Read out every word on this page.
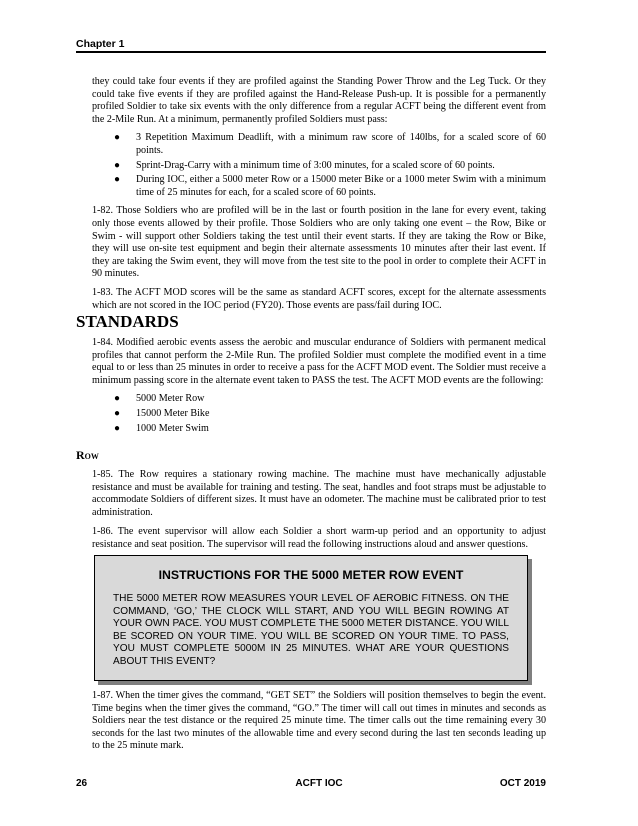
Chapter 1

they could take four events if they are profiled against the Standing Power Throw and the Leg Tuck. Or they could take five events if they are profiled against the Hand-Release Push-up. It is possible for a permanently profiled Soldier to take six events with the only difference from a regular ACFT being the different event from the 2-Mile Run. At a minimum, permanently profiled Soldiers must pass:

● 3 Repetition Maximum Deadlift, with a minimum raw score of 140lbs, for a scaled score of 60 points.
● Sprint-Drag-Carry with a minimum time of 3:00 minutes, for a scaled score of 60 points.
● During IOC, either a 5000 meter Row or a 15000 meter Bike or a 1000 meter Swim with a minimum time of 25 minutes for each, for a scaled score of 60 points.

1-82. Those Soldiers who are profiled will be in the last or fourth position in the lane for every event, taking only those events allowed by their profile. Those Soldiers who are only taking one event – the Row, Bike or Swim - will support other Soldiers taking the test until their event starts. If they are taking the Row or Bike, they will use on-site test equipment and begin their alternate assessments 10 minutes after their last event. If they are taking the Swim event, they will move from the test site to the pool in order to complete their ACFT in 90 minutes.

1-83. The ACFT MOD scores will be the same as standard ACFT scores, except for the alternate assessments which are not scored in the IOC period (FY20). Those events are pass/fail during IOC.

STANDARDS

1-84. Modified aerobic events assess the aerobic and muscular endurance of Soldiers with permanent medical profiles that cannot perform the 2-Mile Run. The profiled Soldier must complete the modified event in a time equal to or less than 25 minutes in order to receive a pass for the ACFT MOD event. The Soldier must receive a minimum passing score in the alternate event taken to PASS the test. The ACFT MOD events are the following:

● 5000 Meter Row
● 15000 Meter Bike
● 1000 Meter Swim
Row

1-85. The Row requires a stationary rowing machine. The machine must have mechanically adjustable resistance and must be available for training and testing. The seat, handles and foot straps must be adjustable to accommodate Soldiers of different sizes. It must have an odometer. The machine must be calibrated prior to test administration.

1-86. The event supervisor will allow each Soldier a short warm-up period and an opportunity to adjust resistance and seat position. The supervisor will read the following instructions aloud and answer questions.

INSTRUCTIONS FOR THE 5000 METER ROW EVENT
THE 5000 METER ROW MEASURES YOUR LEVEL OF AEROBIC FITNESS. ON THE COMMAND, ‘GO,’ THE CLOCK WILL START, AND YOU WILL BEGIN ROWING AT YOUR OWN PACE. YOU MUST COMPLETE THE 5000 METER DISTANCE. YOU WILL BE SCORED ON YOUR TIME. YOU WILL BE SCORED ON YOUR TIME. TO PASS, YOU MUST COMPLETE 5000M IN 25 MINUTES. WHAT ARE YOUR QUESTIONS ABOUT THIS EVENT?

1-87. When the timer gives the command, “GET SET” the Soldiers will position themselves to begin the event. Time begins when the timer gives the command, “GO.” The timer will call out times in minutes and seconds as Soldiers near the test distance or the required 25 minute time. The timer calls out the time remaining every 30 seconds for the last two minutes of the allowable time and every second during the last ten seconds leading up to the 25 minute mark.

26	ACFT IOC	OCT 2019
